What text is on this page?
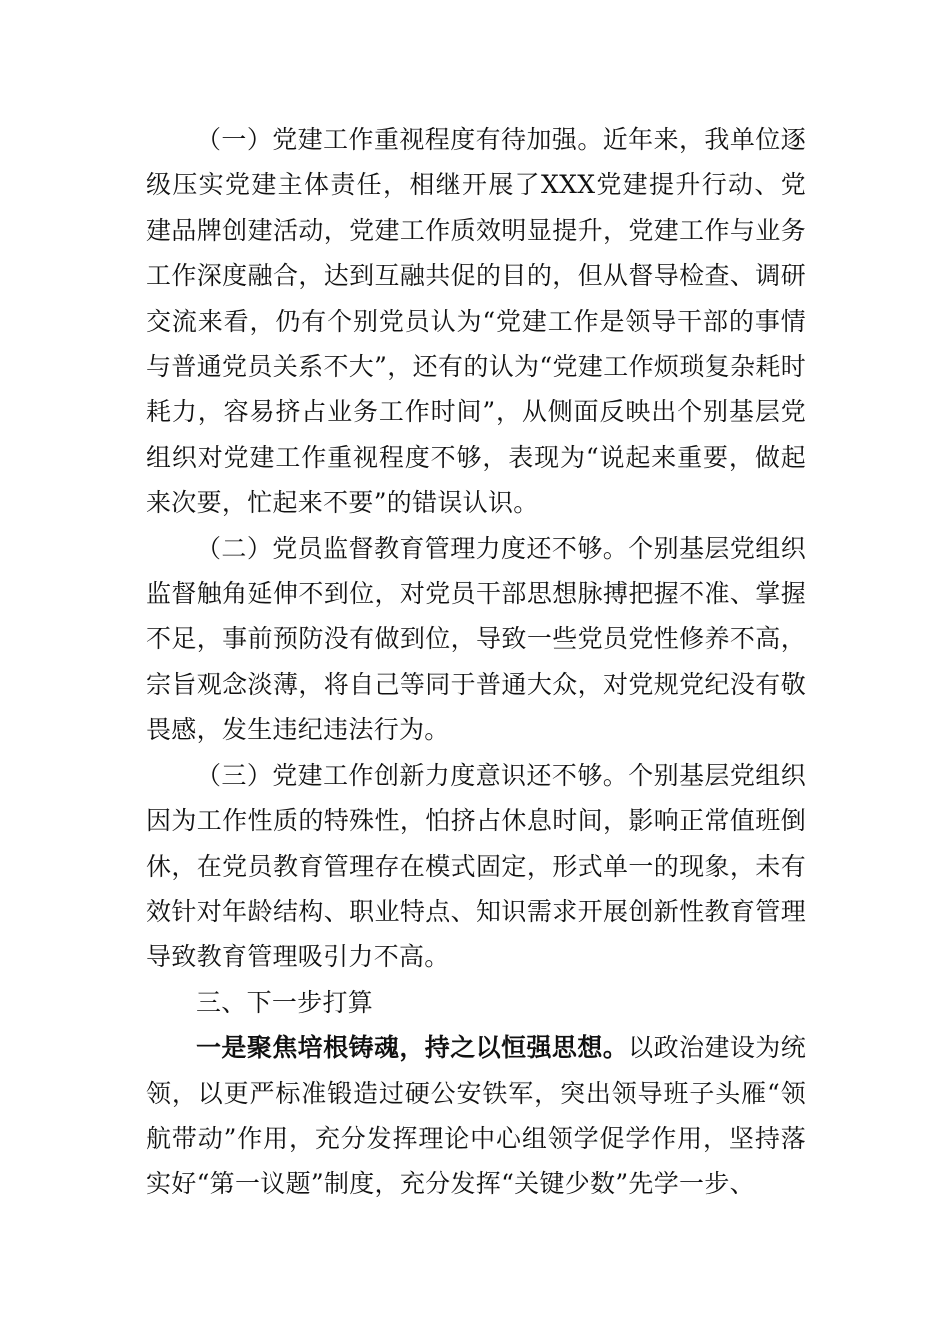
（一）党建工作重视程度有待加强。近年来，我单位逐级压实党建主体责任，相继开展了XXX党建提升行动、党建品牌创建活动，党建工作质效明显提升，党建工作与业务工作深度融合，达到互融共促的目的，但从督导检查、调研交流来看，仍有个别党员认为“党建工作是领导干部的事情与普通党员关系不大”，还有的认为“党建工作烦琐复杂耗时耗力，容易挤占业务工作时间”，从侧面反映出个别基层党组织对党建工作重视程度不够，表现为“说起来重要，做起来次要，忙起来不要”的错误认识。

（二）党员监督教育管理力度还不够。个别基层党组织监督触角延伸不到位，对党员干部思想脉搏把握不准、掌握不足，事前预防没有做到位，导致一些党员党性修养不高，宗旨观念淡薄，将自己等同于普通大众，对党规党纪没有敬畏感，发生违纪违法行为。

（三）党建工作创新力度意识还不够。个别基层党组织因为工作性质的特殊性，怕挤占休息时间，影响正常值班倒休，在党员教育管理存在模式固定，形式单一的现象，未有效针对年龄结构、职业特点、知识需求开展创新性教育管理导致教育管理吸引力不高。

三、下一步打算

一是聚焦培根铸魂，持之以恒强思想。以政治建设为统领，以更严标准锻造过硬公安铁军，突出领导班子头雁“领航带动”作用，充分发挥理论中心组领学促学作用，坚持落实好“第一议题”制度，充分发挥“关键少数”先学一步、
